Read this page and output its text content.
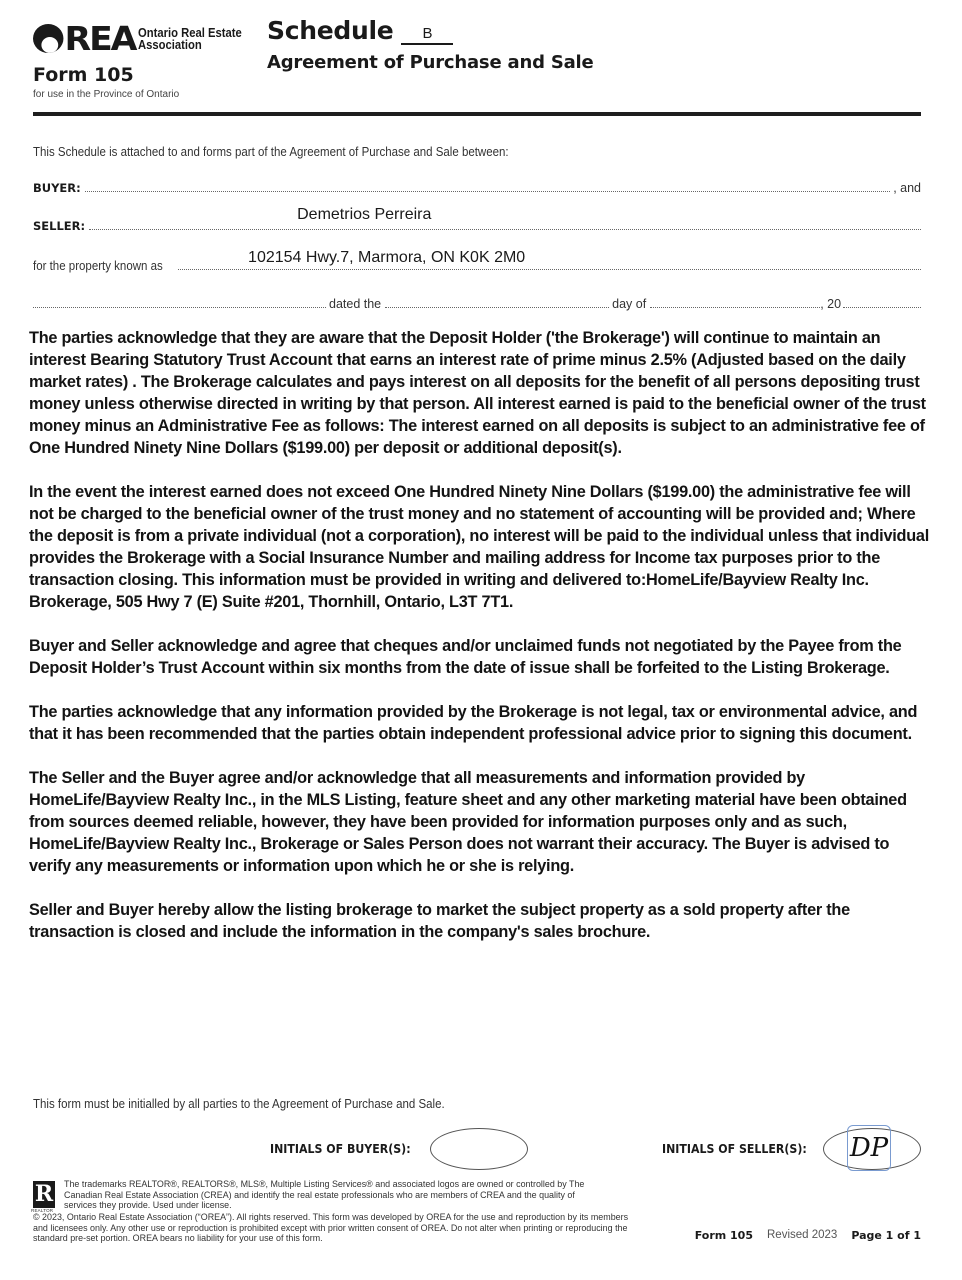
REA Ontario Real Estate
Association
Form 105
for use in the Province of Ontario
Schedule B
Agreement of Purchase and Sale
This Schedule is attached to and forms part of the Agreement of Purchase and Sale between:
BUYER:	, and
SELLER:
Demetrios Perreira
for the property known as	102154 Hwy.7, Marmora, ON K0K 2M0
dated the	day of	, 20

The parties acknowledge that they are aware that the Deposit Holder ('the Brokerage') will continue to maintain an interest Bearing Statutory Trust Account that earns an interest rate of prime minus 2.5% (Adjusted based on the daily market rates) . The Brokerage calculates and pays interest on all deposits for the benefit of all persons depositing trust money unless otherwise directed in writing by that person. All interest earned is paid to the beneficial owner of the trust money minus an Administrative Fee as follows: The interest earned on all deposits is subject to an administrative fee of One Hundred Ninety Nine Dollars ($199.00) per deposit or additional deposit(s).

In the event the interest earned does not exceed One Hundred Ninety Nine Dollars ($199.00) the administrative fee will not be charged to the beneficial owner of the trust money and no statement of accounting will be provided and; Where the deposit is from a private individual (not a corporation), no interest will be paid to the individual unless that individual provides the Brokerage with a Social Insurance Number and mailing address for Income tax purposes prior to the transaction closing. This information must be provided in writing and delivered to:HomeLife/Bayview Realty Inc. Brokerage, 505 Hwy 7 (E) Suite #201, Thornhill, Ontario, L3T 7T1.

Buyer and Seller acknowledge and agree that cheques and/or unclaimed funds not negotiated by the Payee from the Deposit Holder’s Trust Account within six months from the date of issue shall be forfeited to the Listing Brokerage.

The parties acknowledge that any information provided by the Brokerage is not legal, tax or environmental advice, and that it has been recommended that the parties obtain independent professional advice prior to signing this document.

The Seller and the Buyer agree and/or acknowledge that all measurements and information provided by HomeLife/Bayview Realty Inc., in the MLS Listing, feature sheet and any other marketing material have been obtained from sources deemed reliable, however, they have been provided for information purposes only and as such, HomeLife/Bayview Realty Inc., Brokerage or Sales Person does not warrant their accuracy. The Buyer is advised to verify any measurements or information upon which he or she is relying.

Seller and Buyer hereby allow the listing brokerage to market the subject property as a sold property after the transaction is closed and include the information in the company's sales brochure.

This form must be initialled by all parties to the Agreement of Purchase and Sale.
INITIALS OF BUYER(S):	INITIALS OF SELLER(S): DP
R
REALTOR
The trademarks REALTOR®, REALTORS®, MLS®, Multiple Listing Services® and associated logos are owned or controlled by The Canadian Real Estate Association (CREA) and identify the real estate professionals who are members of CREA and the quality of services they provide. Used under license.
© 2023, Ontario Real Estate Association (“OREA”). All rights reserved. This form was developed by OREA for the use and reproduction by its members and licensees only. Any other use or reproduction is prohibited except with prior written consent of OREA. Do not alter when printing or reproducing the standard pre-set portion. OREA bears no liability for your use of this form.	Form 105 Revised 2023 Page 1 of 1
